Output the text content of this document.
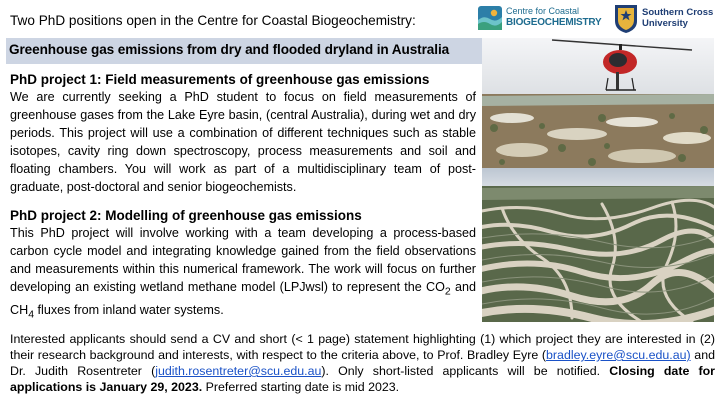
Two PhD positions open in the Centre for Coastal Biogeochemistry:
Centre for Coastal
BIOGEOCHEMISTRY
Southern Cross
University
Greenhouse gas emissions from dry and flooded dryland in Australia
PhD project 1: Field measurements of greenhouse gas emissions

We are currently seeking a PhD student to focus on field measurements of greenhouse gases from the Lake Eyre basin, (central Australia), during wet and dry periods. This project will use a combination of different techniques such as stable isotopes, cavity ring down spectroscopy, process measurements and soil and floating chambers. You will work as part of a multidisciplinary team of post-graduate, post-doctoral and senior biogeochemists.

PhD project 2: Modelling of greenhouse gas emissions

This PhD project will involve working with a team developing a process-based carbon cycle model and integrating knowledge gained from the field observations and measurements within this numerical framework. The work will focus on further developing an existing wetland methane model (LPJwsl) to represent the $CO_2$ and $CH_4$ fluxes from inland water systems.

Interested applicants should send a CV and short (< 1 page) statement highlighting (1) which project they are interested in (2) their research background and interests, with respect to the criteria above, to Prof. Bradley Eyre (bradley.eyre@scu.edu.au) and Dr. Judith Rosentreter (judith.rosentreter@scu.edu.au). Only short-listed applicants will be notified. Closing date for applications is January 29, 2023. Preferred starting date is mid 2023.
